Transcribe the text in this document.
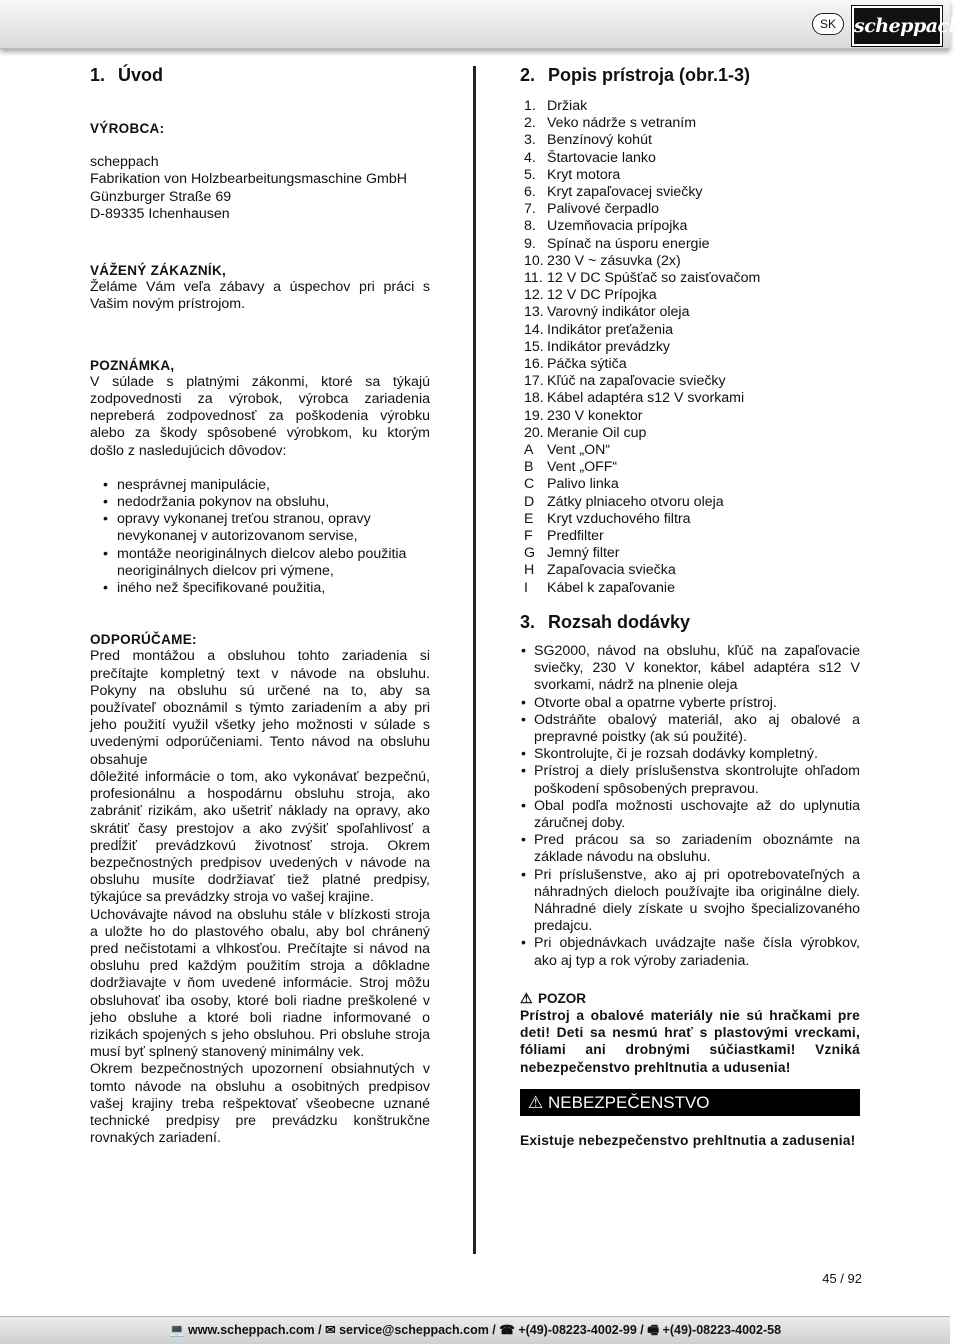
SK scheppach
1. Úvod
VÝROBCA:
scheppach
Fabrikation von Holzbearbeitungsmaschine GmbH
Günzburger Straße 69
D-89335 Ichenhausen
VÁŽENÝ ZÁKAZNÍK,

Želáme Vám veľa zábavy a úspechov pri práci s Vašim novým prístrojom.

POZNÁMKA,

V súlade s platnými zákonmi, ktoré sa týkajú zodpovednosti za výrobok, výrobca zariadenia nepreberá zodpovednosť za poškodenia výrobku alebo za škody spôsobené výrobkom, ku ktorým došlo z nasledujúcich dôvodov:

• nesprávnej manipulácie,
• nedodržania pokynov na obsluhu,
• opravy vykonanej treťou stranou, opravy nevykonanej v autorizovanom servise,
• montáže neoriginálnych dielcov alebo použitia neoriginálnych dielcov pri výmene,
• iného než špecifikované použitia,
ODPORÚČAME:

Pred montážou a obsluhou tohto zariadenia si prečítajte kompletný text v návode na obsluhu. Pokyny na obsluhu sú určené na to, aby sa používateľ oboznámil s týmto zariadením a aby pri jeho použití využil všetky jeho možnosti v súlade s uvedenými odporúčeniami. Tento návod na obsluhu obsahuje

dôležité informácie o tom, ako vykonávať bezpečnú, profesionálnu a hospodárnu obsluhu stroja, ako zabrániť rizikám, ako ušetriť náklady na opravy, ako skrátiť časy prestojov a ako zvýšiť spoľahlivosť a predĺžiť prevádzkovú životnosť stroja. Okrem bezpečnostných predpisov uvedených v návode na obsluhu musíte dodržiavať tiež platné predpisy, týkajúce sa prevádzky stroja vo vašej krajine.

Uchovávajte návod na obsluhu stále v blízkosti stroja a uložte ho do plastového obalu, aby bol chránený pred nečistotami a vlhkosťou. Prečítajte si návod na obsluhu pred každým použitím stroja a dôkladne dodržiavajte v ňom uvedené informácie. Stroj môžu obsluhovať iba osoby, ktoré boli riadne preškolené v jeho obsluhe a ktoré boli riadne informované o rizikách spojených s jeho obsluhou. Pri obsluhe stroja musí byť splnený stanovený minimálny vek.

Okrem bezpečnostných upozornení obsiahnutých v tomto návode na obsluhu a osobitných predpisov vašej krajiny treba rešpektovať všeobecne uznané technické predpisy pre prevádzku konštrukčne rovnakých zariadení.

2. Popis prístroja (obr.1-3)
1. Držiak
2. Veko nádrže s vetraním
3. Benzínový kohút
4. Štartovacie lanko
5. Kryt motora
6. Kryt zapaľovacej sviečky
7. Palivové čerpadlo
8. Uzemňovacia prípojka
9. Spínač na úsporu energie
10. 230 V ~ zásuvka (2x)
11. 12 V DC Spúšťač so zaisťovačom
12. 12 V DC Prípojka
13. Varovný indikátor oleja
14. Indikátor preťaženia
15. Indikátor prevádzky
16. Páčka sýtiča
17. Kľúč na zapaľovacie sviečky
18. Kábel adaptéra s12 V svorkami
19. 230 V konektor
20. Meranie Oil cup
A Vent „ON“
B Vent „OFF“
C Palivo linka
D Zátky plniaceho otvoru oleja
E Kryt vzduchového filtra
F Predfilter
G Jemný filter
H Zapaľovacia sviečka
I Kábel k zapaľovanie
3. Rozsah dodávky
• SG2000, návod na obsluhu, kľúč na zapaľovacie sviečky, 230 V konektor, kábel adaptéra s12 V svorkami, nádrž na plnenie oleja
• Otvorte obal a opatrne vyberte prístroj.
• Odstráňte obalový materiál, ako aj obalové a prepravné poistky (ak sú použité).
• Skontrolujte, či je rozsah dodávky kompletný.
• Prístroj a diely príslušenstva skontrolujte ohľadom poškodení spôsobených prepravou.
• Obal podľa možnosti uschovajte až do uplynutia záručnej doby.
• Pred prácou sa so zariadením oboznámte na základe návodu na obsluhu.
• Pri príslušenstve, ako aj pri opotrebovateľných a náhradných dieloch používajte iba originálne diely. Náhradné diely získate u svojho špecializovaného predajcu.
• Pri objednávkach uvádzajte naše čísla výrobkov, ako aj typ a rok výroby zariadenia.
⚠ POZOR

Prístroj a obalové materiály nie sú hračkami pre deti! Deti sa nesmú hrať s plastovými vreckami, fóliami ani drobnými súčiastkami! Vzniká nebezpečenstvo prehltnutia a udusenia!

⚠ NEBEZPEČENSTVO

Existuje nebezpečenstvo prehltnutia a zadusenia!

45 / 92
💻 www.scheppach.com / ✉ service@scheppach.com / ☎ +(49)-08223-4002-99 / 🖷 +(49)-08223-4002-58
